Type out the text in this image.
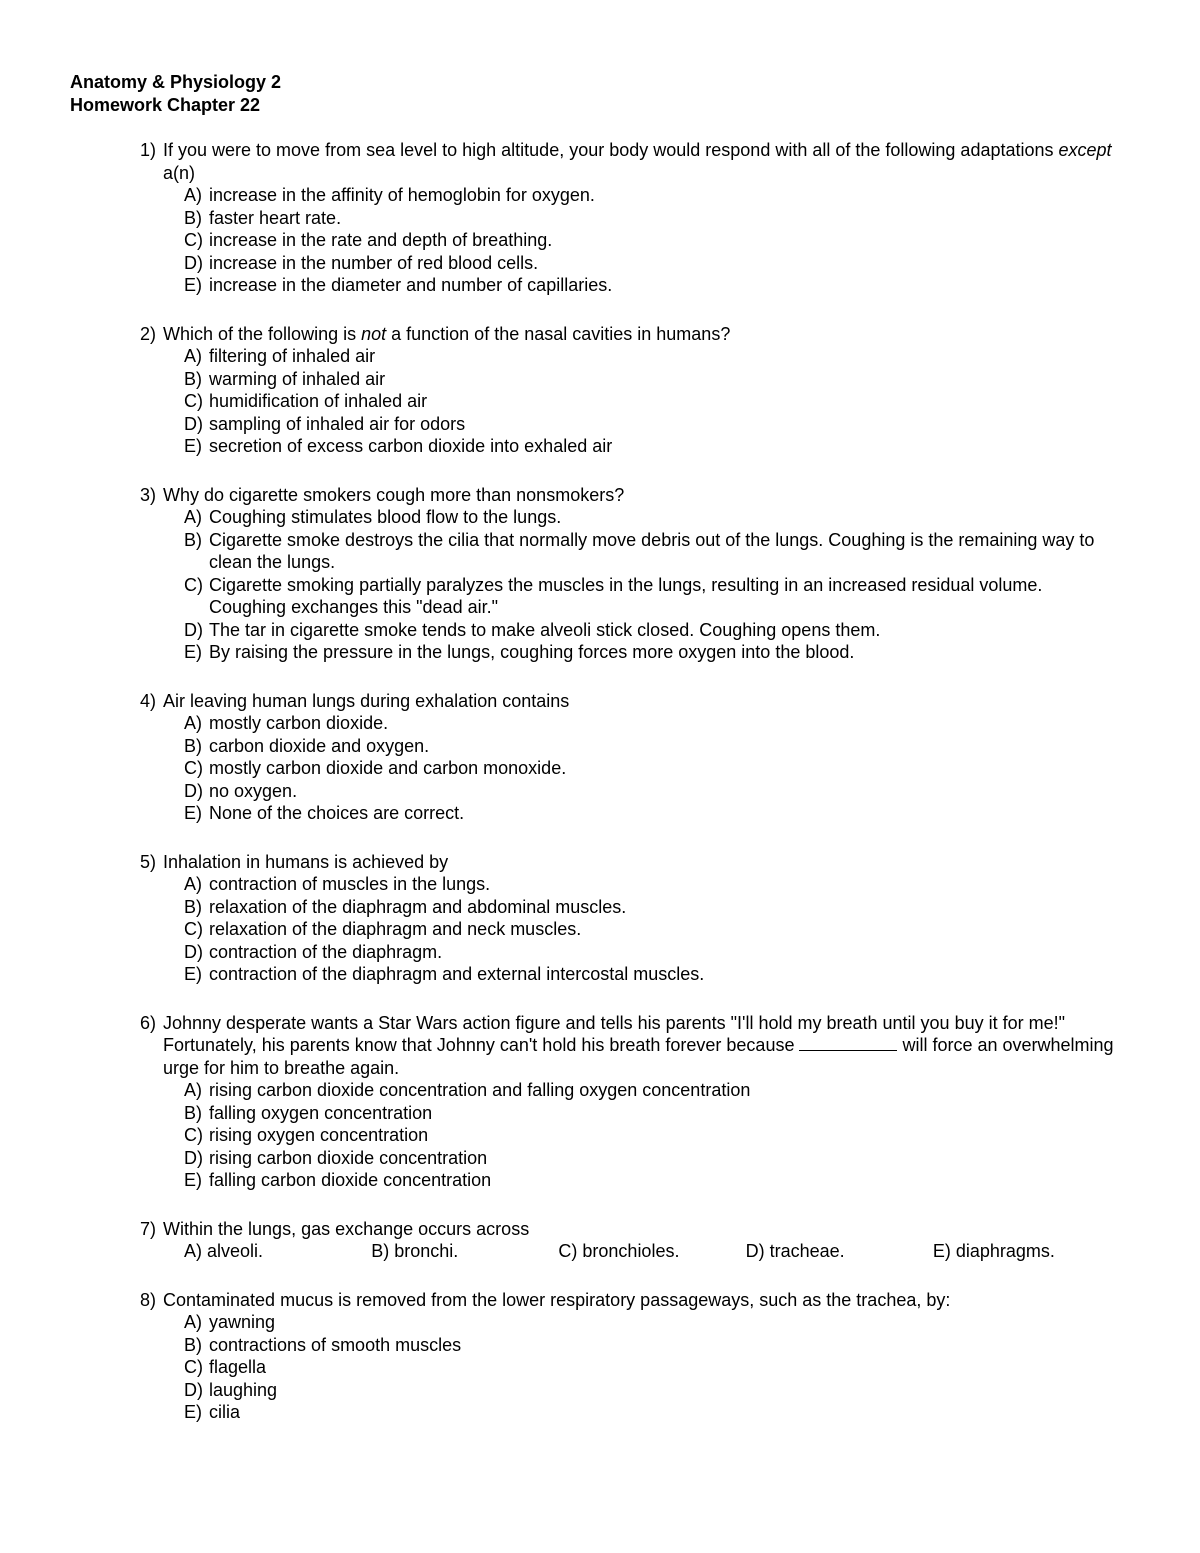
Anatomy & Physiology 2
Homework Chapter 22
1) If you were to move from sea level to high altitude, your body would respond with all of the following adaptations except a(n)
A) increase in the affinity of hemoglobin for oxygen.
B) faster heart rate.
C) increase in the rate and depth of breathing.
D) increase in the number of red blood cells.
E) increase in the diameter and number of capillaries.
2) Which of the following is not a function of the nasal cavities in humans?
A) filtering of inhaled air
B) warming of inhaled air
C) humidification of inhaled air
D) sampling of inhaled air for odors
E) secretion of excess carbon dioxide into exhaled air
3) Why do cigarette smokers cough more than nonsmokers?
A) Coughing stimulates blood flow to the lungs.
B) Cigarette smoke destroys the cilia that normally move debris out of the lungs. Coughing is the remaining way to clean the lungs.
C) Cigarette smoking partially paralyzes the muscles in the lungs, resulting in an increased residual volume. Coughing exchanges this "dead air."
D) The tar in cigarette smoke tends to make alveoli stick closed. Coughing opens them.
E) By raising the pressure in the lungs, coughing forces more oxygen into the blood.
4) Air leaving human lungs during exhalation contains
A) mostly carbon dioxide.
B) carbon dioxide and oxygen.
C) mostly carbon dioxide and carbon monoxide.
D) no oxygen.
E) None of the choices are correct.
5) Inhalation in humans is achieved by
A) contraction of muscles in the lungs.
B) relaxation of the diaphragm and abdominal muscles.
C) relaxation of the diaphragm and neck muscles.
D) contraction of the diaphragm.
E) contraction of the diaphragm and external intercostal muscles.
6) Johnny desperate wants a Star Wars action figure and tells his parents "I'll hold my breath until you buy it for me!" Fortunately, his parents know that Johnny can't hold his breath forever because	will force an overwhelming urge for him to breathe again.
A) rising carbon dioxide concentration and falling oxygen concentration
B) falling oxygen concentration
C) rising oxygen concentration
D) rising carbon dioxide concentration
E) falling carbon dioxide concentration
7) Within the lungs, gas exchange occurs across
A) alveoli.	B) bronchi.	C) bronchioles.	D) tracheae.	E) diaphragms.
8) Contaminated mucus is removed from the lower respiratory passageways, such as the trachea, by:
A) yawning
B) contractions of smooth muscles
C) flagella
D) laughing
E) cilia
